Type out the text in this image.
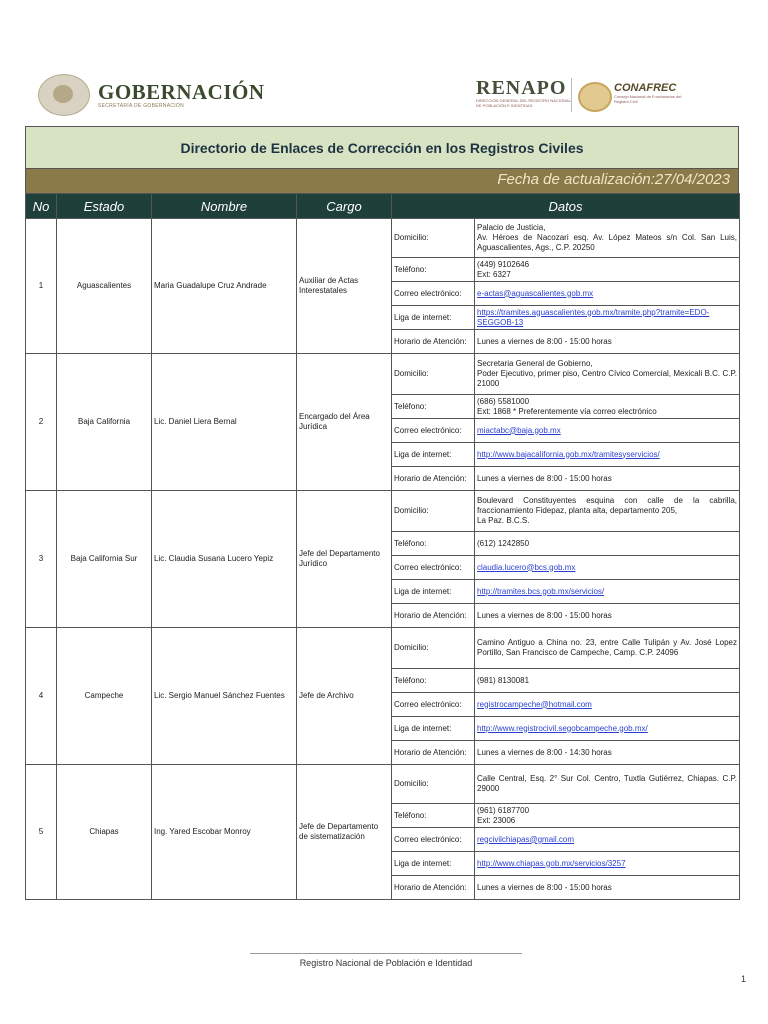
GOBERNACIÓN
SECRETARÍA DE GOBERNACIÓN
RENAPO
DIRECCIÓN GENERAL DEL REGISTRO NACIONAL DE POBLACIÓN E IDENTIDAD
CONAFREC
Consejo Nacional de Funcionarios del Registro Civil
Directorio de Enlaces de Corrección en los Registros Civiles
Fecha de actualización:27/04/2023
No	Estado	Nombre	Cargo	Datos	
1	Aguascalientes	Maria Guadalupe Cruz Andrade	Auxiliar de Actas Interestatales	Domicilio:	Palacio de Justicia,
Av. Héroes de Nacozari esq. Av. López Mateos s/n Col. San Luis, Aguascalientes, Ags., C.P. 20250
				Teléfono:	(449) 9102646
Ext: 6327
				Correo electrónico:	e-actas@aguascalientes.gob.mx
				Liga de internet:	https://tramites.aguascalientes.gob.mx/tramite.php?tramite=EDO-SEGGOB-13
				Horario de Atención:	Lunes a viernes de 8:00 - 15:00 horas
2	Baja California	Lic. Daniel Liera Bernal	Encargado del Área Jurídica	Domicilio:	Secretaria General de Gobierno,
Poder Ejecutivo, primer piso, Centro Cívico Comercial, Mexicali B.C. C.P. 21000
				Teléfono:	(686) 5581000
Ext: 1868 * Preferentemente vía correo electrónico
				Correo electrónico:	miactabc@baja.gob.mx
				Liga de internet:	http://www.bajacalifornia.gob.mx/tramitesyservicios/
				Horario de Atención:	Lunes a viernes de 8:00 - 15:00 horas
3	Baja California Sur	Lic. Claudia Susana Lucero Yepiz	Jefe del Departamento Jurídico	Domicilio:	Boulevard Constituyentes esquina con calle de la cabrilla, fraccionamiento Fidepaz, planta alta, departamento 205,
La Paz. B.C.S.
				Teléfono:	(612) 1242850
				Correo electrónico:	claudia.lucero@bcs.gob.mx
				Liga de internet:	http://tramites.bcs.gob.mx/servicios/
				Horario de Atención:	Lunes a viernes de 8:00 - 15:00 horas
4	Campeche	Lic. Sergio Manuel Sánchez Fuentes	Jefe de Archivo	Domicilio:	Camino Antiguo a China no. 23, entre Calle Tulipán y Av. José Lopez Portillo, San Francisco de Campeche, Camp. C.P. 24096
				Teléfono:	(981) 8130081
				Correo electrónico:	registrocampeche@hotmail.com
				Liga de internet:	http://www.registrocivil.segobcampeche.gob.mx/
				Horario de Atención:	Lunes a viernes de 8:00 - 14:30 horas
5	Chiapas	Ing. Yared Escobar Monroy	Jefe de Departamento de sistematización	Domicilio:	Calle Central, Esq. 2° Sur Col. Centro, Tuxtla Gutiérrez, Chiapas. C.P. 29000
				Teléfono:	(961) 6187700
Ext: 23006
				Correo electrónico:	regcivilchiapas@gmail.com
				Liga de internet:	http://www.chiapas.gob.mx/servicios/3257
				Horario de Atención:	Lunes a viernes de 8:00 - 15:00 horas
Registro Nacional de Población e Identidad
1
